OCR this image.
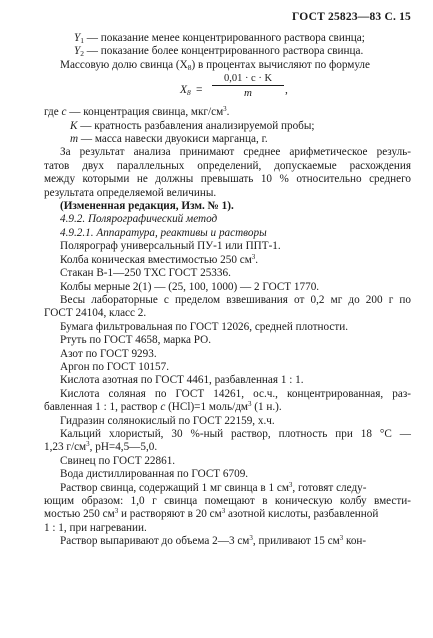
ГОСТ 25823—83 С. 15
$Y_1$ — показание менее концентрированного раствора свинца;
$Y_2$ — показание более концентрированного раствора свинца.
Массовую долю свинца $(X_8)$ в процентах вычисляют по формуле
$X_8 = \frac{0,01 \cdot c \cdot K}{m}$ ,
где c — концентрация свинца, мкг/$см^3$.
K — кратность разбавления анализируемой пробы;
m — масса навески двуокиси марганца, г.
За результат анализа принимают среднее арифметическое резуль-
татов двух параллельных определений, допускаемые расхождения
между которыми не должны превышать 10 % относительно среднего
результата определяемой величины.
(Измененная редакция, Изм. № 1).
4.9.2. Полярографический метод
4.9.2.1. Аппаратура, реактивы и растворы
Полярограф универсальный ПУ-1 или ППТ-1.
Колба коническая вместимостью 250 $см^3$.
Стакан В-1—250 ТХС ГОСТ 25336.
Колбы мерные 2(1) — (25, 100, 1000) — 2 ГОСТ 1770.
Весы лабораторные с пределом взвешивания от 0,2 мг до 200 г по
ГОСТ 24104, класс 2.
Бумага фильтровальная по ГОСТ 12026, средней плотности.
Ртуть по ГОСТ 4658, марка РО.
Азот по ГОСТ 9293.
Аргон по ГОСТ 10157.
Кислота азотная по ГОСТ 4461, разбавленная 1 : 1.
Кислота соляная по ГОСТ 14261, ос.ч., концентрированная, раз-
бавленная 1 : 1, раствор c (HCl)=1 моль/$дм^3$ (1 н.).
Гидразин солянокислый по ГОСТ 22159, х.ч.
Кальций хлористый, 30 %-ный раствор, плотность при 18 °С —
1,23 $г/см^3$, pH=4,5—5,0.
Свинец по ГОСТ 22861.
Вода дистиллированная по ГОСТ 6709.
Раствор свинца, содержащий 1 мг свинца в 1 $см^3$, готовят следу-
ющим образом: 1,0 г свинца помещают в коническую колбу вмести-
мостью 250 $см^3$ и растворяют в 20 $см^3$ азотной кислоты, разбавленной
1 : 1, при нагревании.
Раствор выпаривают до объема 2—3 $см^3$, приливают 15 $см^3$ кон-
